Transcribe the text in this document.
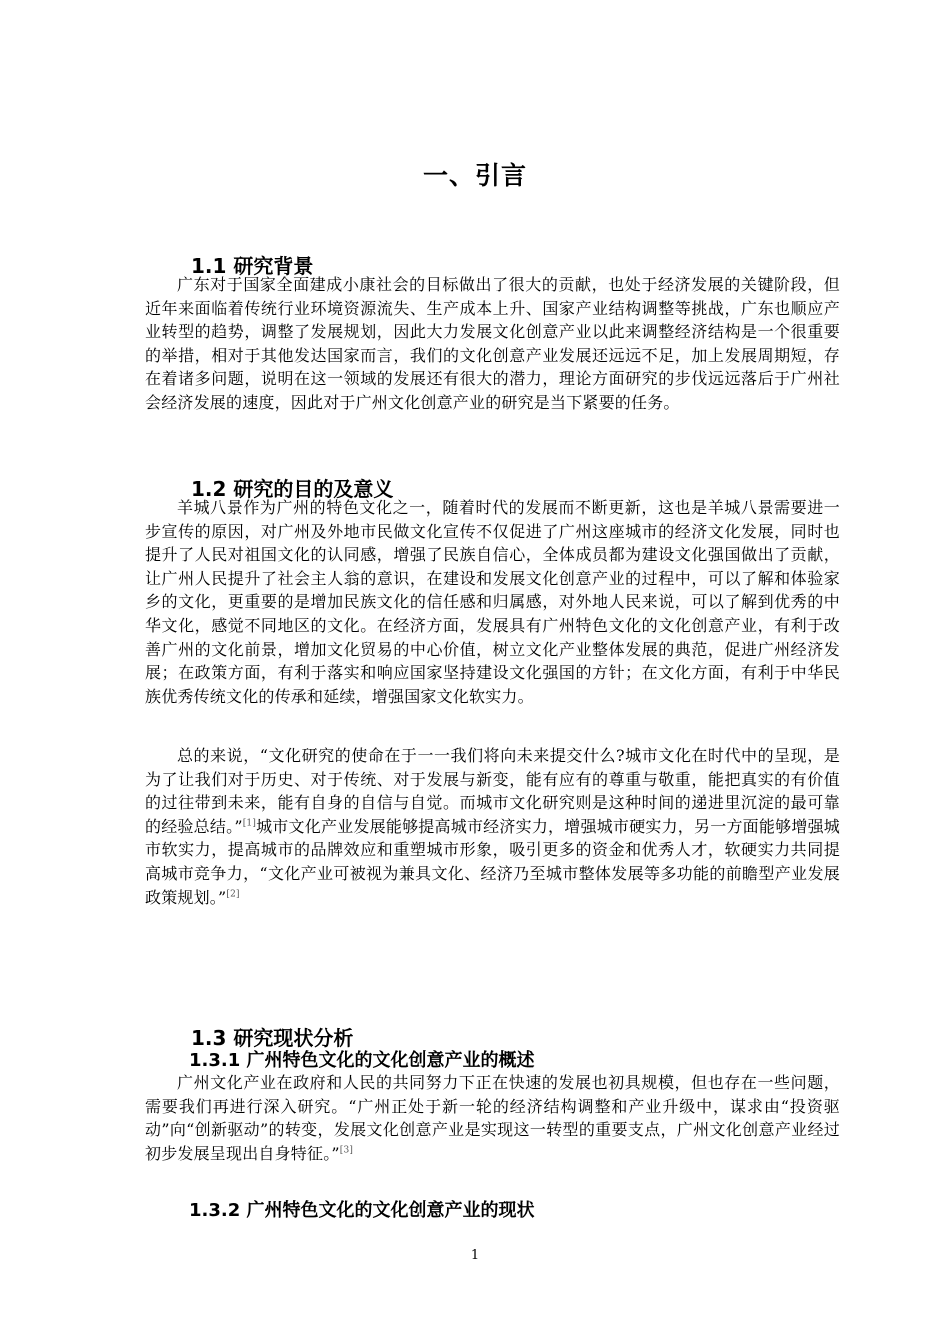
一、引言
1.1 研究背景

广东对于国家全面建成小康社会的目标做出了很大的贡献，也处于经济发展的关键阶段，但近年来面临着传统行业环境资源流失、生产成本上升、国家产业结构调整等挑战，广东也顺应产业转型的趋势，调整了发展规划，因此大力发展文化创意产业以此来调整经济结构是一个很重要的举措，相对于其他发达国家而言，我们的文化创意产业发展还远远不足，加上发展周期短，存在着诸多问题，说明在这一领域的发展还有很大的潜力，理论方面研究的步伐远远落后于广州社会经济发展的速度，因此对于广州文化创意产业的研究是当下紧要的任务。

1.2 研究的目的及意义

羊城八景作为广州的特色文化之一，随着时代的发展而不断更新，这也是羊城八景需要进一步宣传的原因，对广州及外地市民做文化宣传不仅促进了广州这座城市的经济文化发展，同时也提升了人民对祖国文化的认同感，增强了民族自信心，全体成员都为建设文化强国做出了贡献，让广州人民提升了社会主人翁的意识，在建设和发展文化创意产业的过程中，可以了解和体验家乡的文化，更重要的是增加民族文化的信任感和归属感，对外地人民来说，可以了解到优秀的中华文化，感觉不同地区的文化。在经济方面，发展具有广州特色文化的文化创意产业，有利于改善广州的文化前景，增加文化贸易的中心价值，树立文化产业整体发展的典范，促进广州经济发展；在政策方面，有利于落实和响应国家坚持建设文化强国的方针；在文化方面，有利于中华民族优秀传统文化的传承和延续，增强国家文化软实力。

总的来说，“文化研究的使命在于一一我们将向未来提交什么?城市文化在时代中的呈现，是为了让我们对于历史、对于传统、对于发展与新变，能有应有的尊重与敬重，能把真实的有价值的过往带到未来，能有自身的自信与自觉。而城市文化研究则是这种时间的递进里沉淀的最可靠的经验总结。”[1]城市文化产业发展能够提高城市经济实力，增强城市硬实力，另一方面能够增强城市软实力，提高城市的品牌效应和重塑城市形象，吸引更多的资金和优秀人才，软硬实力共同提高城市竞争力，“文化产业可被视为兼具文化、经济乃至城市整体发展等多功能的前瞻型产业发展政策规划。”[2]

1.3 研究现状分析
1.3.1 广州特色文化的文化创意产业的概述

广州文化产业在政府和人民的共同努力下正在快速的发展也初具规模，但也存在一些问题，需要我们再进行深入研究。“广州正处于新一轮的经济结构调整和产业升级中，谋求由“投资驱动”向“创新驱动”的转变，发展文化创意产业是实现这一转型的重要支点，广州文化创意产业经过初步发展呈现出自身特征。”[3]

1.3.2 广州特色文化的文化创意产业的现状

1
